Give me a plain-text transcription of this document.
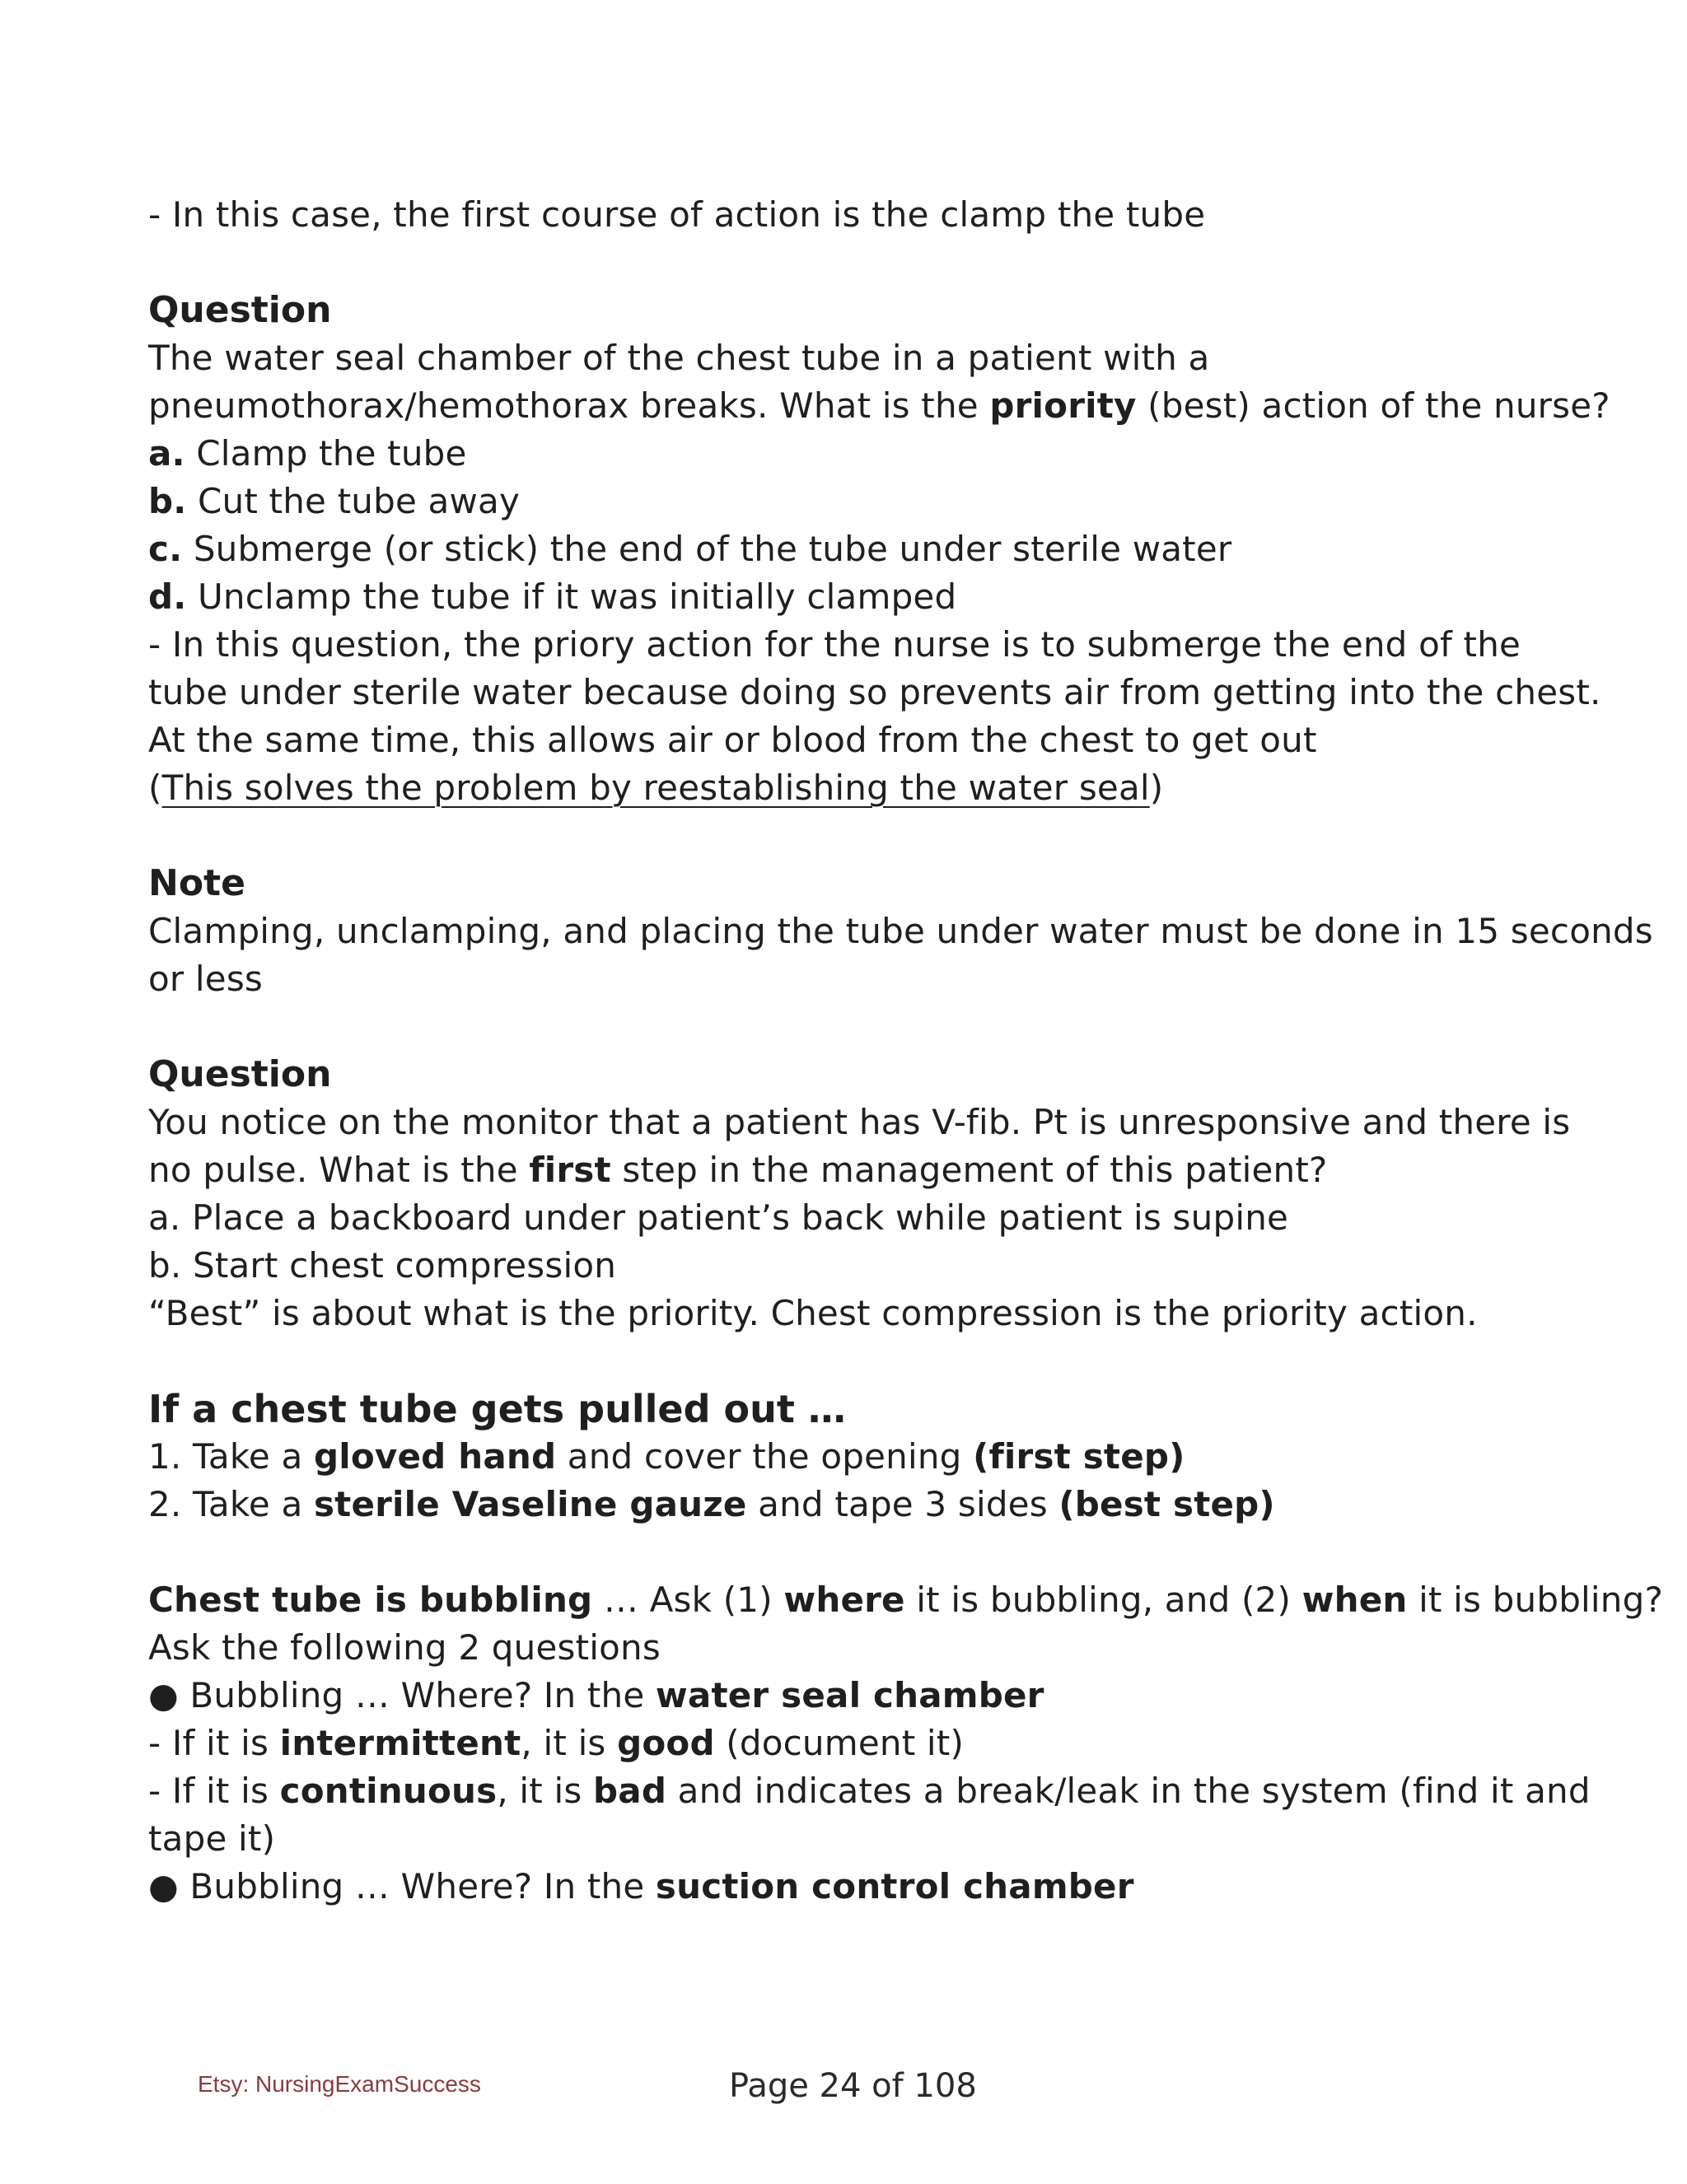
- In this case, the first course of action is the clamp the tube
Question
The water seal chamber of the chest tube in a patient with a
pneumothorax/hemothorax breaks. What is the priority (best) action of the nurse?
a. Clamp the tube
b. Cut the tube away
c. Submerge (or stick) the end of the tube under sterile water
d. Unclamp the tube if it was initially clamped
- In this question, the priory action for the nurse is to submerge the end of the
tube under sterile water because doing so prevents air from getting into the chest.
At the same time, this allows air or blood from the chest to get out
(This solves the problem by reestablishing the water seal)
Note
Clamping, unclamping, and placing the tube under water must be done in 15 seconds
or less
Question
You notice on the monitor that a patient has V-fib. Pt is unresponsive and there is
no pulse. What is the first step in the management of this patient?
a. Place a backboard under patient’s back while patient is supine
b. Start chest compression
“Best” is about what is the priority. Chest compression is the priority action.
If a chest tube gets pulled out …
1. Take a gloved hand and cover the opening (first step)
2. Take a sterile Vaseline gauze and tape 3 sides (best step)
Chest tube is bubbling … Ask (1) where it is bubbling, and (2) when it is bubbling?
Ask the following 2 questions
● Bubbling … Where? In the water seal chamber
- If it is intermittent, it is good (document it)
- If it is continuous, it is bad and indicates a break/leak in the system (find it and
tape it)
● Bubbling … Where? In the suction control chamber
Etsy: NursingExamSuccess	Page 24 of 108
